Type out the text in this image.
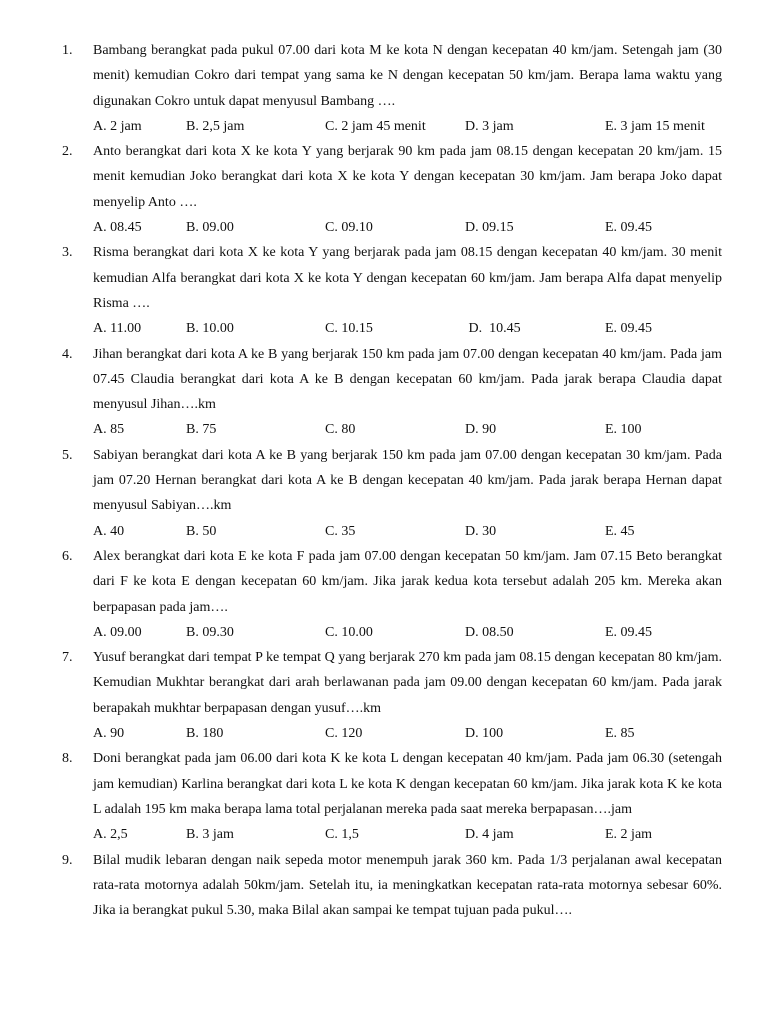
1.	Bambang berangkat pada pukul 07.00 dari kota M ke kota N dengan kecepatan 40 km/jam. Setengah jam (30 menit) kemudian Cokro dari tempat yang sama ke N dengan kecepatan 50 km/jam. Berapa lama waktu yang digunakan Cokro untuk dapat menyusul Bambang ….
A. 2 jam	B. 2,5 jam	C. 2 jam 45 menit	D. 3 jam	E. 3 jam 15 menit
2.	Anto berangkat dari kota X ke kota Y yang berjarak 90 km pada jam 08.15 dengan kecepatan 20 km/jam. 15 menit kemudian Joko berangkat dari kota X ke kota Y dengan kecepatan 30 km/jam. Jam berapa Joko dapat menyelip Anto ….
A. 08.45	B. 09.00	C. 09.10	D. 09.15	E. 09.45
3.	Risma berangkat dari kota X ke kota Y yang berjarak pada jam 08.15 dengan kecepatan 40 km/jam. 30 menit kemudian Alfa berangkat dari kota X ke kota Y dengan kecepatan 60 km/jam. Jam berapa Alfa dapat menyelip Risma ….
A. 11.00	B. 10.00	C. 10.15	D.  10.45	E. 09.45
4.	Jihan berangkat dari kota A ke B yang berjarak 150 km pada jam 07.00 dengan kecepatan 40 km/jam. Pada jam 07.45 Claudia berangkat dari kota A ke B dengan kecepatan 60 km/jam. Pada jarak berapa Claudia dapat menyusul Jihan….km
A. 85	B. 75	C. 80	D. 90	E. 100
5.	Sabiyan berangkat dari kota A ke B yang berjarak 150 km pada jam 07.00 dengan kecepatan 30 km/jam. Pada jam 07.20 Hernan berangkat dari kota A ke B dengan kecepatan 40 km/jam. Pada jarak berapa Hernan dapat menyusul Sabiyan….km
A. 40	B. 50	C. 35	D. 30	E. 45
6.	Alex berangkat dari kota E ke kota F pada jam 07.00 dengan kecepatan 50 km/jam. Jam 07.15 Beto berangkat dari F ke kota E dengan kecepatan 60 km/jam. Jika jarak kedua kota tersebut adalah 205 km. Mereka akan berpapasan pada jam….
A. 09.00	B. 09.30	C. 10.00	D. 08.50	E. 09.45
7.	Yusuf berangkat dari tempat P ke tempat Q yang berjarak 270 km pada jam 08.15 dengan kecepatan 80 km/jam. Kemudian Mukhtar berangkat dari arah berlawanan pada jam 09.00 dengan kecepatan 60 km/jam. Pada jarak berapakah mukhtar berpapasan dengan yusuf….km
A. 90	B. 180	C. 120	D. 100	E. 85
8.	Doni berangkat pada jam 06.00 dari kota K ke kota L dengan kecepatan 40 km/jam. Pada jam 06.30 (setengah jam kemudian) Karlina berangkat dari kota L ke kota K dengan kecepatan 60 km/jam. Jika jarak kota K ke kota L adalah 195 km maka berapa lama total perjalanan mereka pada saat mereka berpapasan….jam
A. 2,5	B. 3 jam	C. 1,5	D. 4 jam	E. 2 jam
9.	Bilal mudik lebaran dengan naik sepeda motor menempuh jarak 360 km. Pada 1/3 perjalanan awal kecepatan rata-rata motornya adalah 50km/jam. Setelah itu, ia meningkatkan kecepatan rata-rata motornya sebesar 60%. Jika ia berangkat pukul 5.30, maka Bilal akan sampai ke tempat tujuan pada pukul….
